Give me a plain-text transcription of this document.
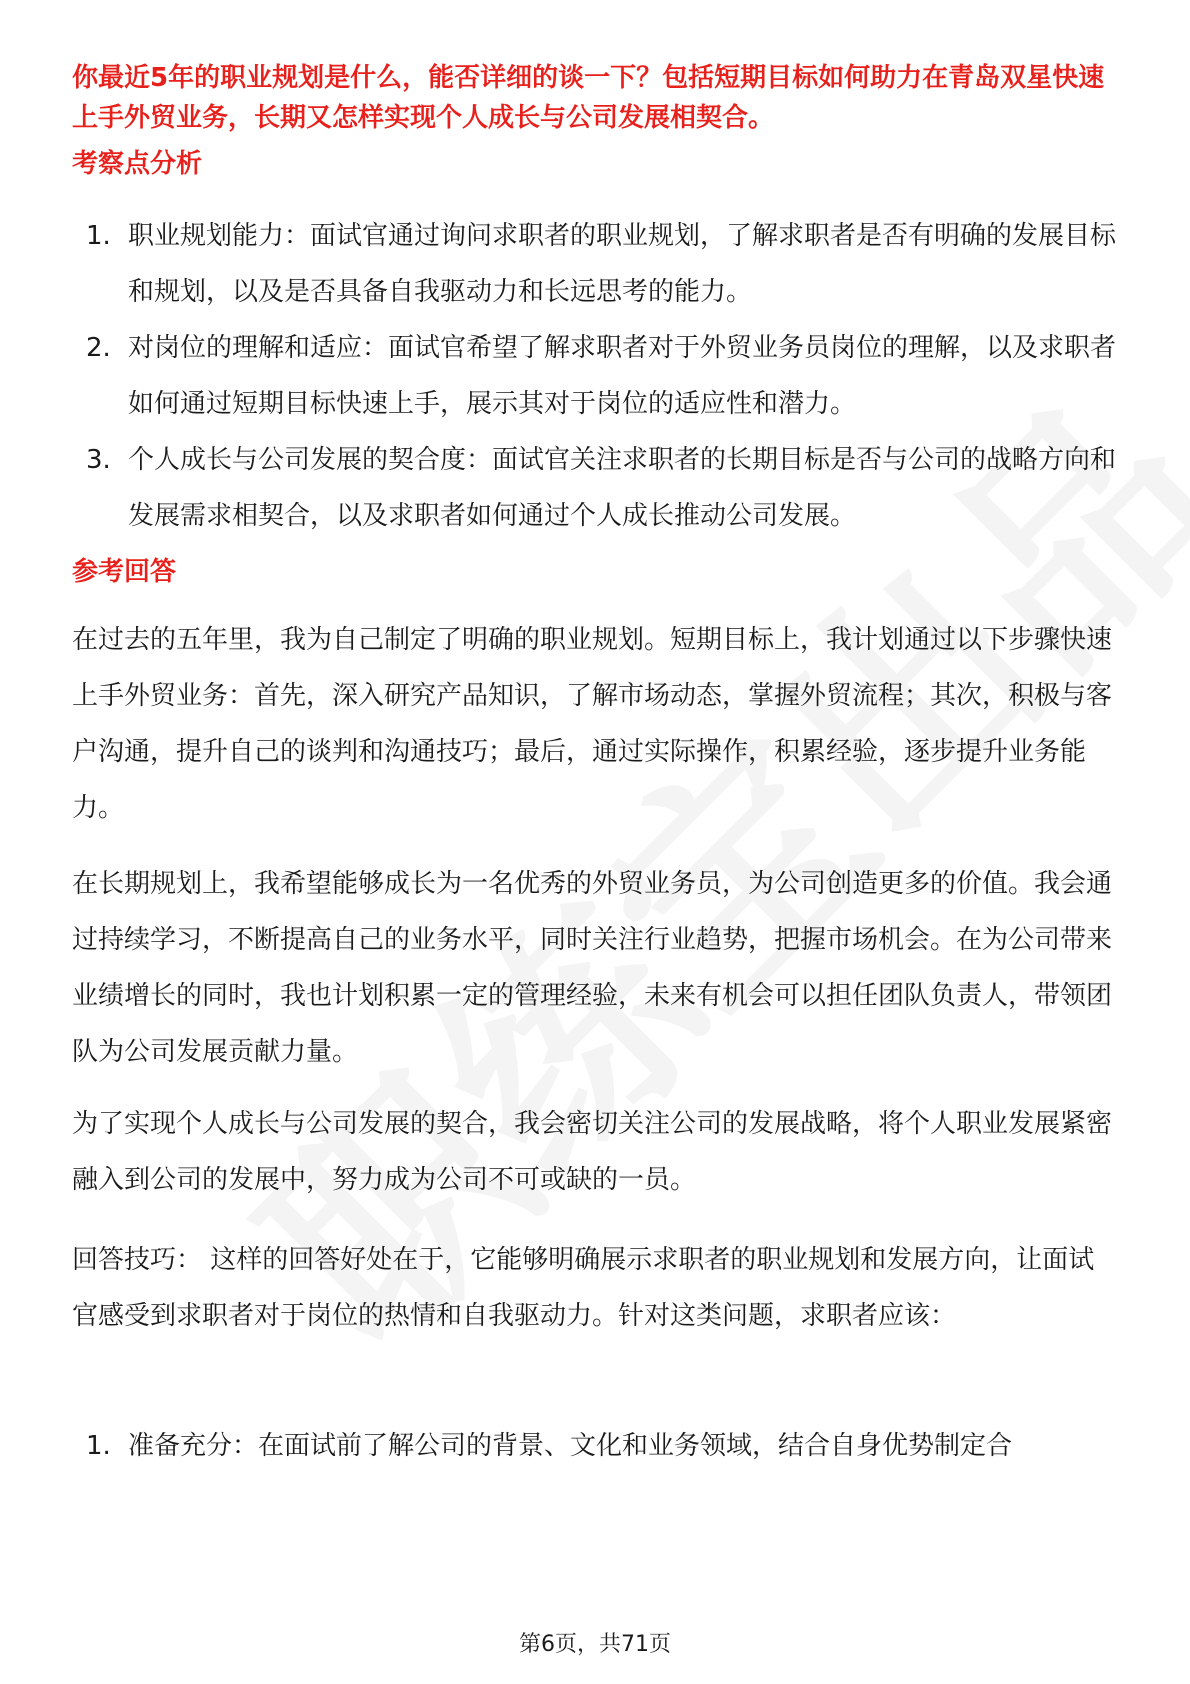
你最近5年的职业规划是什么，能否详细的谈一下？包括短期目标如何助力在青岛双星快速上手外贸业务，长期又怎样实现个人成长与公司发展相契合。
考察点分析
1. 职业规划能力：面试官通过询问求职者的职业规划，了解求职者是否有明确的发展目标和规划，以及是否具备自我驱动力和长远思考的能力。
2. 对岗位的理解和适应：面试官希望了解求职者对于外贸业务员岗位的理解，以及求职者如何通过短期目标快速上手，展示其对于岗位的适应性和潜力。
3. 个人成长与公司发展的契合度：面试官关注求职者的长期目标是否与公司的战略方向和发展需求相契合，以及求职者如何通过个人成长推动公司发展。
参考回答
在过去的五年里，我为自己制定了明确的职业规划。短期目标上，我计划通过以下步骤快速上手外贸业务：首先，深入研究产品知识，了解市场动态，掌握外贸流程；其次，积极与客户沟通，提升自己的谈判和沟通技巧；最后，通过实际操作，积累经验，逐步提升业务能力。
在长期规划上，我希望能够成长为一名优秀的外贸业务员，为公司创造更多的价值。我会通过持续学习，不断提高自己的业务水平，同时关注行业趋势，把握市场机会。在为公司带来业绩增长的同时，我也计划积累一定的管理经验，未来有机会可以担任团队负责人，带领团队为公司发展贡献力量。
为了实现个人成长与公司发展的契合，我会密切关注公司的发展战略，将个人职业发展紧密融入到公司的发展中，努力成为公司不可或缺的一员。
回答技巧： 这样的回答好处在于，它能够明确展示求职者的职业规划和发展方向，让面试官感受到求职者对于岗位的热情和自我驱动力。针对这类问题，求职者应该：
1. 准备充分：在面试前了解公司的背景、文化和业务领域，结合自身优势制定合
第6页，共71页
